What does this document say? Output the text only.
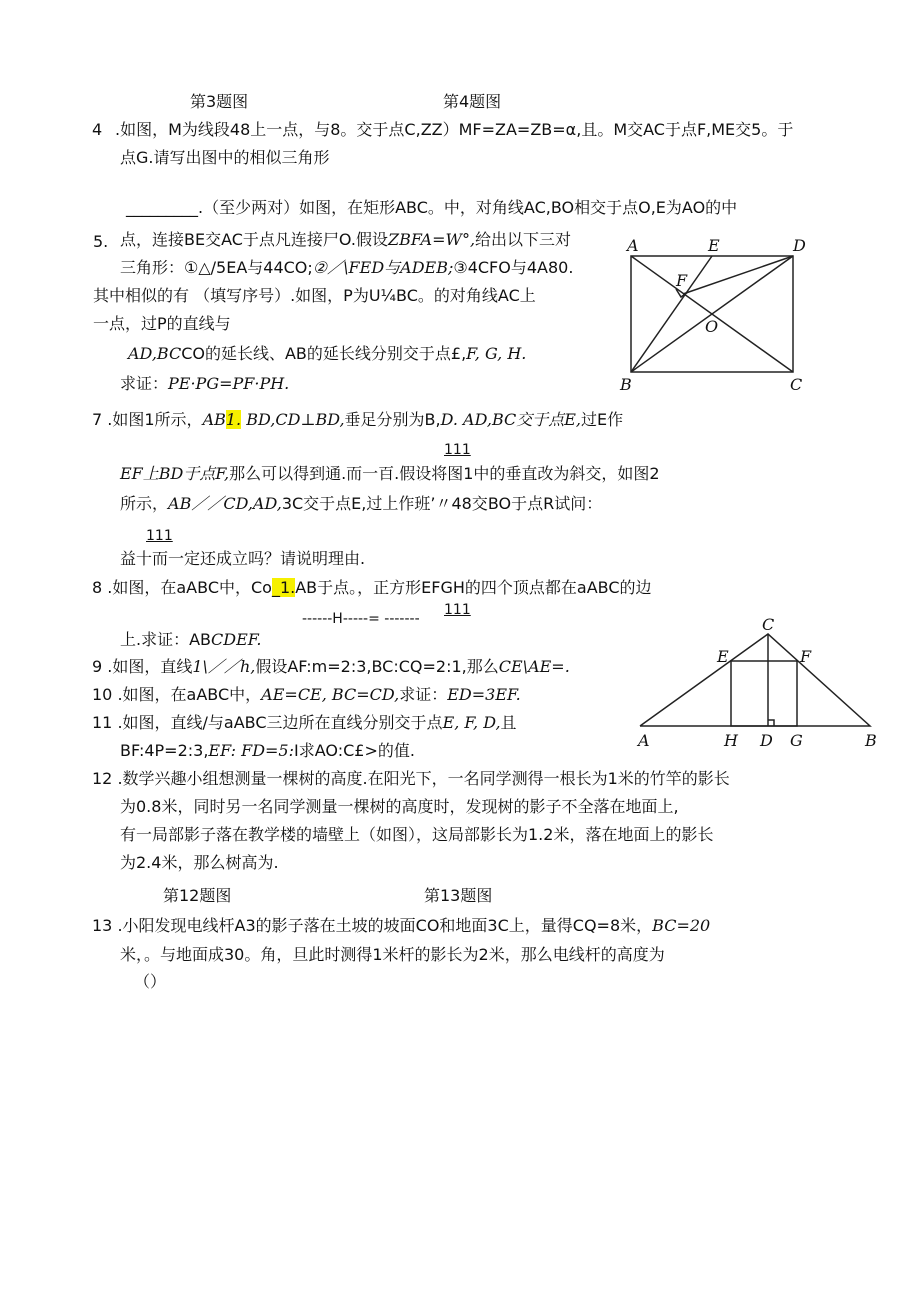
第3题图	第4题图
4 .如图，M为线段48上一点，与8。交于点C,ZZ）MF=ZA=ZB=α,且。M交AC于点F,ME交5。于
点G.请写出图中的相似三角形
_________.（至少两对）如图，在矩形ABC。中，对角线AC,BO相交于点O,E为AO的中
5. 点，连接BE交AC于点凡连接尸O.假设ZBFA=W°,给出以下三对
三角形：①△/5EA与44CO;②／\FED与ADEB;③4CFO与4A80.
其中相似的有 （填写序号）.如图，P为U¼BC。的对角线AC上
一点，过P的直线与
AD,BCCO的延长线、AB的延长线分别交于点£,F, G, H.
求证：PE·PG=PF·PH.
A	E	D
F
O
B	C
7 .如图1所示，AB1. BD,CD⊥BD,垂足分别为B,D. AD,BC交于点E,过E作
111
EF上BD于点F,那么可以得到通.而一百.假设将图1中的垂直改为斜交，如图2
所示，AB／／CD,AD,3C交于点E,过上作班’〃48交BO于点R试问：
111
益十而一定还成立吗？请说明理由.
8 .如图，在aABC中，Co_1.AB于点。，正方形EFGH的四个顶点都在aABC的边
------H-----= -------
111
上.求证：ABCDEF.
C
E	F
A	H D G	B
9 .如图，直线1\／／h,假设AF:m=2:3,BC:CQ=2:1,那么CE\AE=.
10 .如图，在aABC中，AE=CE, BC=CD,求证：ED=3EF.
11 .如图，直线/与aABC三边所在直线分别交于点E, F, D,且
BF:4P=2:3,EF: FD=5:I求AO:C£>的值.
12 .数学兴趣小组想测量一棵树的高度.在阳光下，一名同学测得一根长为1米的竹竿的影长
为0.8米，同时另一名同学测量一棵树的高度时，发现树的影子不全落在地面上,
有一局部影子落在教学楼的墙壁上（如图），这局部影长为1.2米，落在地面上的影长
为2.4米，那么树高为.
第12题图	第13题图
13 .小阳发现电线杆A3的影子落在土坡的坡面CO和地面3C上，量得CQ=8米，BC=20
米，。与地面成30。角，旦此时测得1米杆的影长为2米，那么电线杆的高度为
（）
